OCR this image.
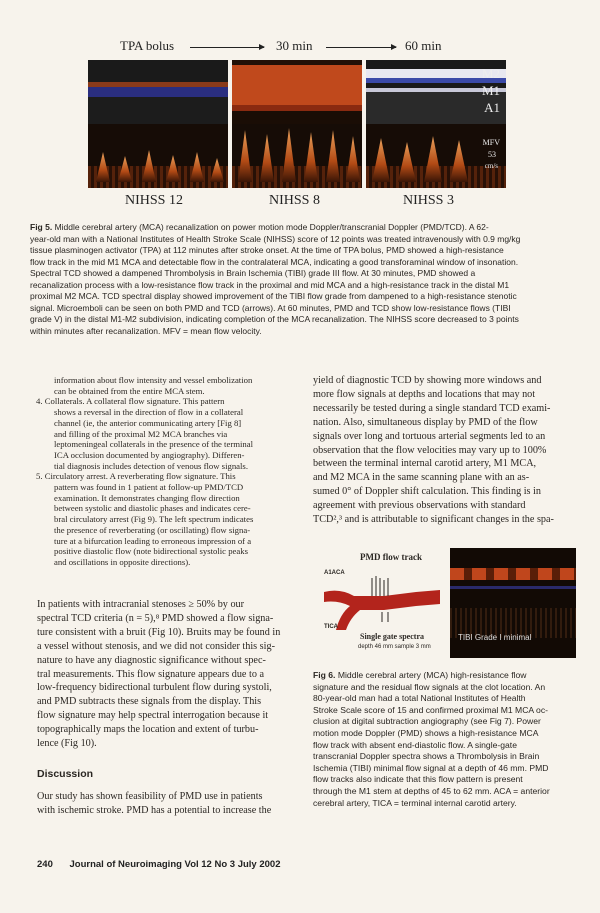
TPA bolus	30 min	60 min
M2
M1
A1
MFV
53
cm/s
NIHSS 12	NIHSS 8	NIHSS 3
Fig 5. Middle cerebral artery (MCA) recanalization on power motion mode Doppler/transcranial Doppler (PMD/TCD). A 62-
year-old man with a National Institutes of Health Stroke Scale (NIHSS) score of 12 points was treated intravenously with 0.9 mg/kg
tissue plasminogen activator (TPA) at 112 minutes after stroke onset. At the time of TPA bolus, PMD showed a high-resistance
flow track in the mid M1 MCA and detectable flow in the contralateral MCA, indicating a good transforaminal window of insonation.
Spectral TCD showed a dampened Thrombolysis in Brain Ischemia (TIBI) grade III flow. At 30 minutes, PMD showed a
recanalization process with a low-resistance flow track in the proximal and mid MCA and a high-resistance track in the distal M1
proximal M2 MCA. TCD spectral display showed improvement of the TIBI flow grade from dampened to a high-resistance stenotic
signal. Microemboli can be seen on both PMD and TCD (arrows). At 60 minutes, PMD and TCD show low-resistance flows (TIBI
grade V) in the distal M1-M2 subdivision, indicating completion of the MCA recanalization. The NIHSS score decreased to 3 points
within minutes after recanalization. MFV = mean flow velocity.

information about flow intensity and vessel embolization

can be obtained from the entire MCA stem.

4. Collaterals. A collateral flow signature. This pattern

shows a reversal in the direction of flow in a collateral

channel (ie, the anterior communicating artery [Fig 8]

and filling of the proximal M2 MCA branches via

leptomeningeal collaterals in the presence of the terminal

ICA occlusion documented by angiography). Differen-

tial diagnosis includes detection of venous flow signals.

5. Circulatory arrest. A reverberating flow signature. This

pattern was found in 1 patient at follow-up PMD/TCD

examination. It demonstrates changing flow direction

between systolic and diastolic phases and indicates cere-

bral circulatory arrest (Fig 9). The left spectrum indicates

the presence of reverberating (or oscillating) flow signa-

ture at a bifurcation leading to erroneous impression of a

positive diastolic flow (note bidirectional systolic peaks

and oscillations in opposite directions).

In patients with intracranial stenoses ≥ 50% by our

spectral TCD criteria (n = 5),⁸ PMD showed a flow signa-

ture consistent with a bruit (Fig 10). Bruits may be found in

a vessel without stenosis, and we did not consider this sig-

nature to have any diagnostic significance without spec-

tral measurements. This flow signature appears due to a

low-frequency bidirectional turbulent flow during systoli,

and PMD subtracts these signals from the display. This

flow signature may help spectral interrogation because it

topographically maps the location and extent of turbu-

lence (Fig 10).

Discussion

Our study has shown feasibility of PMD use in patients

with ischemic stroke. PMD has a potential to increase the

yield of diagnostic TCD by showing more windows and

more flow signals at depths and locations that may not

necessarily be tested during a single standard TCD exami-

nation. Also, simultaneous display by PMD of the flow

signals over long and tortuous arterial segments led to an

observation that the flow velocities may vary up to 100%

between the terminal internal carotid artery, M1 MCA,

and M2 MCA in the same scanning plane with an as-

sumed 0° of Doppler shift calculation. This finding is in

agreement with previous observations with standard

TCD²,³ and is attributable to significant changes in the spa-

PMD flow track
A1ACA
TICA
Single gate spectra
depth 46 mm sample 3 mm
TIBI Grade I minimal
Fig 6. Middle cerebral artery (MCA) high-resistance flow
signature and the residual flow signals at the clot location. An
80-year-old man had a total National Institutes of Health
Stroke Scale score of 15 and confirmed proximal M1 MCA oc-
clusion at digital subtraction angiography (see Fig 7). Power
motion mode Doppler (PMD) shows a high-resistance MCA
flow track with absent end-diastolic flow. A single-gate
transcranial Doppler spectra shows a Thrombolysis in Brain
Ischemia (TIBI) minimal flow signal at a depth of 46 mm. PMD
flow tracks also indicate that this flow pattern is present
through the M1 stem at depths of 45 to 62 mm. ACA = anterior
cerebral artery, TICA = terminal internal carotid artery.
240 Journal of Neuroimaging Vol 12 No 3 July 2002
